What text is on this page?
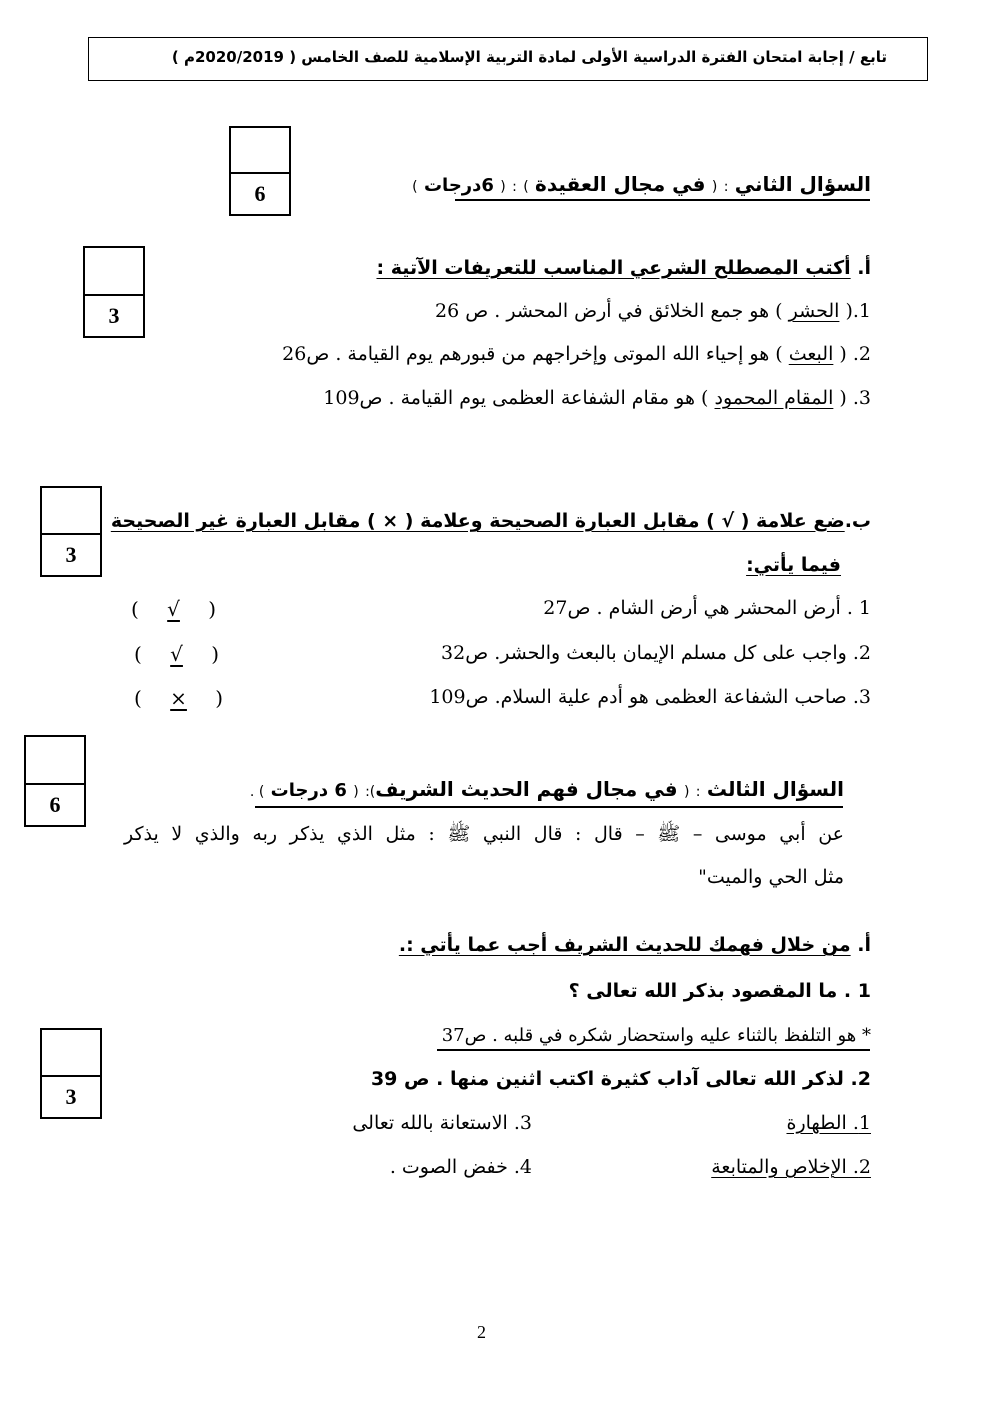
تابع / إجابة امتحان الفترة الدراسية الأولى لمادة التربية الإسلامية للصف الخامس ( 2020/2019م )
6
3
3
6
3
السؤال الثاني : ( في مجال العقيدة ) : ( 6درجات )
أ. أكتب المصطلح الشرعي المناسب للتعريفات الآتية :
1.( الحشر ) هو جمع الخلائق في أرض المحشر . ص 26
2. ( البعث ) هو إحياء الله الموتى وإخراجهم من قبورهم يوم القيامة . ص26
3. ( المقام المحمود ) هو مقام الشفاعة العظمى يوم القيامة . ص109
ب.ضع علامة ( √ ) مقابل العبارة الصحيحة وعلامة ( × ) مقابل العبارة غير الصحيحة
فيما يأتي:
1 . أرض المحشر هي أرض الشام . ص27
( √ )
2. واجب على كل مسلم الإيمان بالبعث والحشر. ص32
( √ )
3. صاحب الشفاعة العظمى هو أدم علية السلام. ص109
( × )
السؤال الثالث : ( في مجال فهم الحديث الشريف): ( 6 درجات ) .
عن أبي موسى – ﷺ – قال : قال النبي ﷺ : مثل الذي يذكر ربه والذي لا يذكر
مثل الحي والميت"
أ. من خلال فهمك للحديث الشريف أجب عما يأتي :.
1 . ما المقصود بذكر الله تعالى ؟
* هو التلفظ بالثناء عليه واستحضار شكره في قلبه . ص37
2. لذكر الله تعالى آداب كثيرة اكتب اثنين منها . ص 39
1. الطهارة
2. الإخلاص والمتابعة
3. الاستعانة بالله تعالى
4. خفض الصوت .
2
